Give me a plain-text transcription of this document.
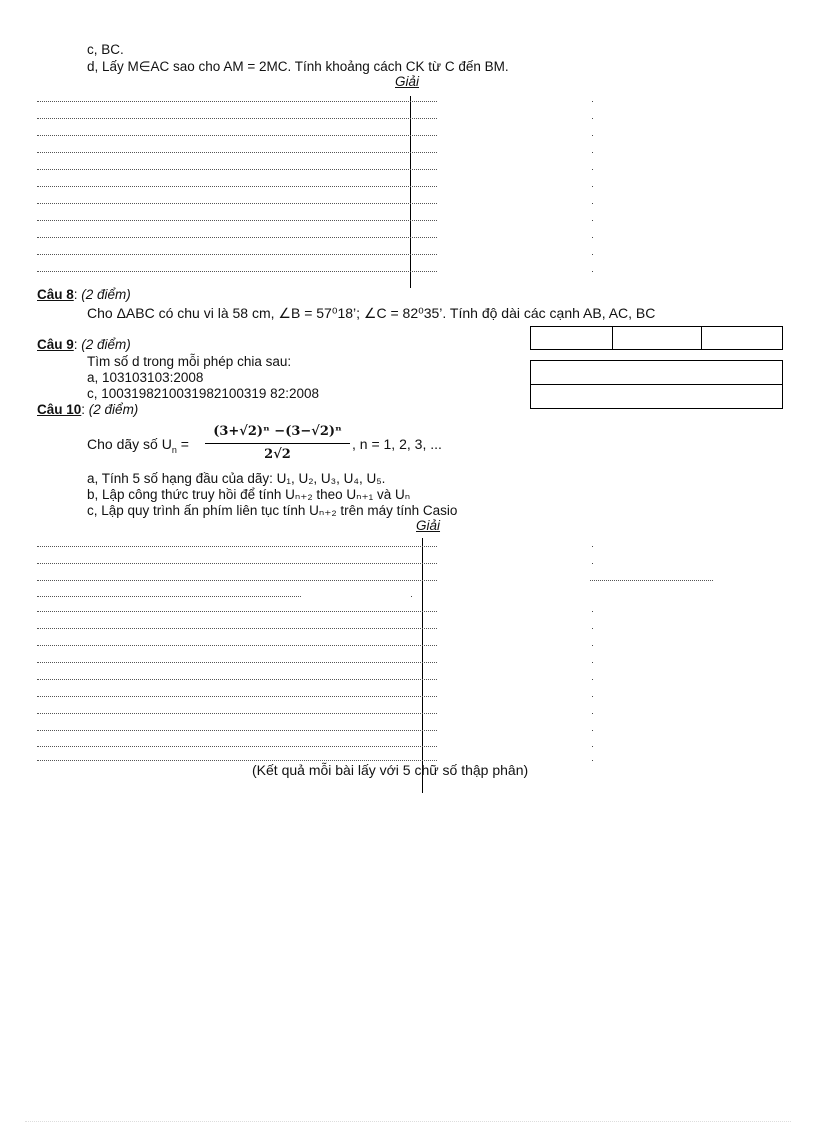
c, BC.
d, Lấy M∈AC sao cho AM = 2MC. Tính khoảng cách CK từ C đến BM.
Giải
Câu 8: (2 điểm)
Cho ΔABC có chu vi là 58 cm, ∠B = 57⁰18’; ∠C = 82⁰35’. Tính độ dài các cạnh AB, AC, BC
Câu 9: (2 điểm)
Tìm số d trong mỗi phép chia sau:
a, 103103103:2008
c, 1003198210031982100319 82:2008
Câu 10: (2 điểm)
Cho dãy số $U_n$ =
(3+√2)ⁿ −(3−√2)ⁿ
2√2
, n = 1, 2, 3, ...
a, Tính 5 số hạng đầu của dãy: U₁, U₂, U₃, U₄, U₅.
b, Lập công thức truy hồi để tính Uₙ₊₂ theo Uₙ₊₁ và Uₙ
c, Lập quy trình ấn phím liên tục tính Uₙ₊₂ trên máy tính Casio
Giải
(Kết quả mỗi bài lấy với 5 chữ số thập phân)
